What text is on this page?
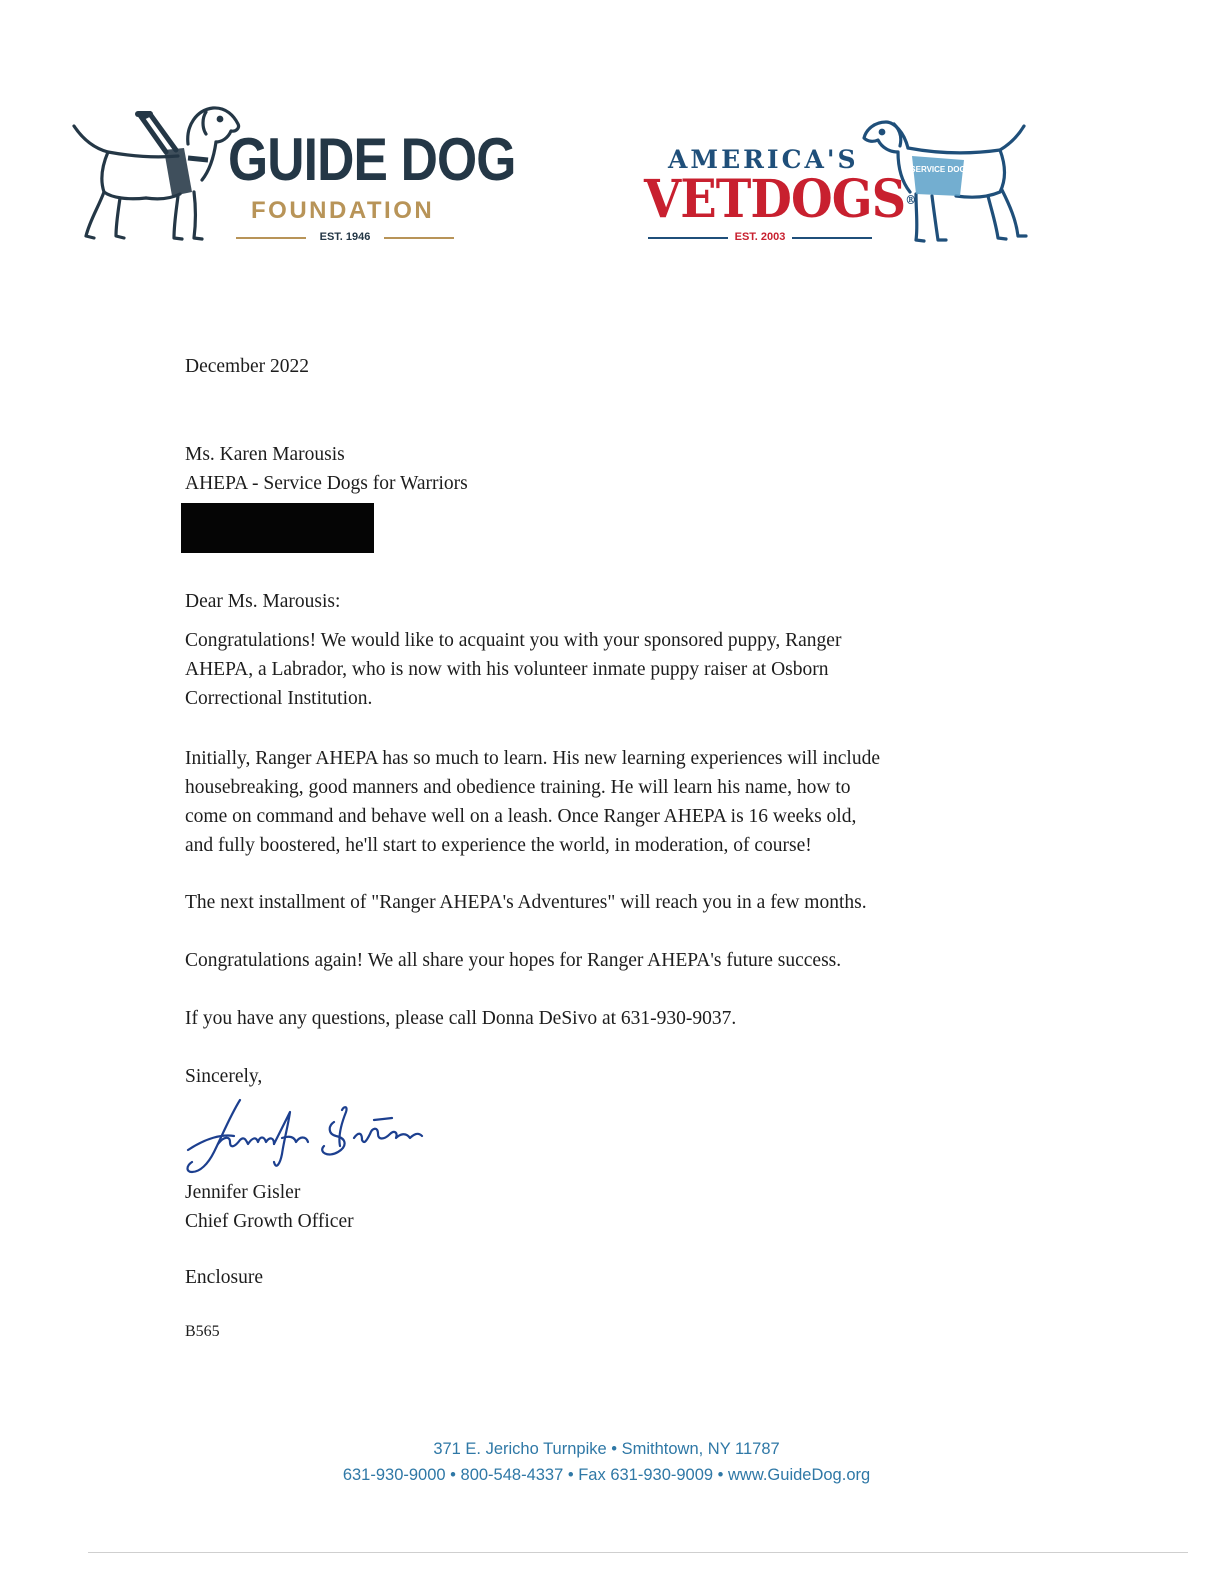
GUIDE DOG
FOUNDATION
EST. 1946
AMERICA'S
VETDOGS®
EST. 2003
SERVICE DOG

December 2022

Ms. Karen Marousis

AHEPA - Service Dogs for Warriors

Dear Ms. Marousis:

Congratulations! We would like to acquaint you with your sponsored puppy, Ranger
AHEPA, a Labrador, who is now with his volunteer inmate puppy raiser at Osborn
Correctional Institution.
Initially, Ranger AHEPA has so much to learn. His new learning experiences will include
housebreaking, good manners and obedience training. He will learn his name, how to
come on command and behave well on a leash. Once Ranger AHEPA is 16 weeks old,
and fully boostered, he'll start to experience the world, in moderation, of course!

The next installment of "Ranger AHEPA's Adventures" will reach you in a few months.

Congratulations again! We all share your hopes for Ranger AHEPA's future success.

If you have any questions, please call Donna DeSivo at 631-930-9037.

Sincerely,

Jennifer Gisler

Chief Growth Officer

Enclosure

B565

371 E. Jericho Turnpike • Smithtown, NY 11787
631-930-9000 • 800-548-4337 • Fax 631-930-9009 • www.GuideDog.org
